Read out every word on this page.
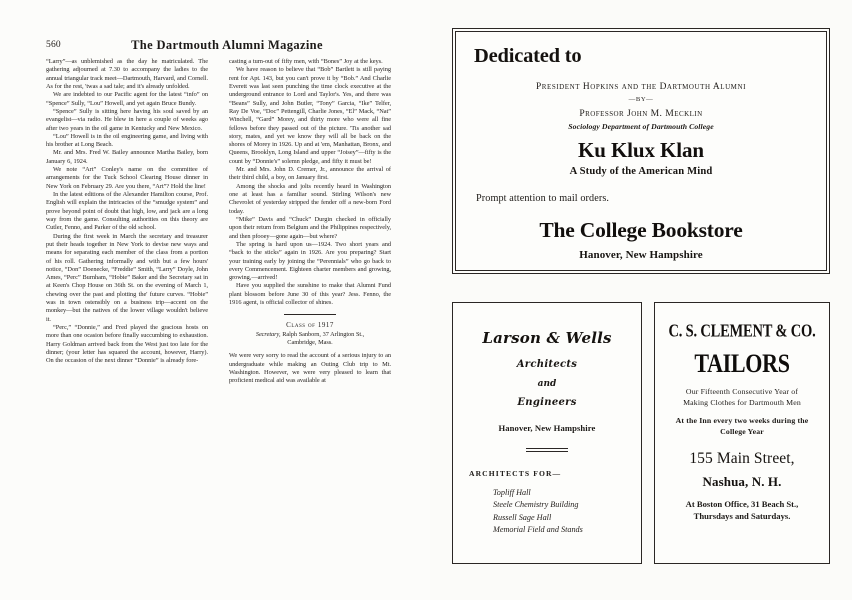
560	The Dartmouth Alumni Magazine

“Larry”—as unblemished as the day he matriculated. The gathering adjourned at 7.30 to accompany the ladies to the annual triangular track meet—Dartmouth, Harvard, and Cornell. As for the rest, 'twas a sad tale; and it's already unfolded.

We are indebted to our Pacific agent for the latest “info” on “Spence” Sully, “Lou” Howell, and yet again Bruce Bundy.

“Spence” Sully is sitting here having his soul saved by an evangelist—via radio. He blew in here a couple of weeks ago after two years in the oil game in Kentucky and New Mexico.

“Lou” Howell is in the oil engineering game, and living with his brother at Long Beach.

Mr. and Mrs. Fred W. Bailey announce Martha Bailey, born January 6, 1924.

We note “Art” Conley's name on the committee of arrangements for the Tuck School Clearing House dinner in New York on February 29. Are you there, “Art”? Hold the line!

In the latest editions of the Alexander Hamilton course, Prof. English will explain the intricacies of the “smudge system” and prove beyond point of doubt that high, low, and jack are a long way from the game. Consulting authorities on this theory are Cutler, Fenno, and Parker of the old school.

During the first week in March the secretary and treasurer put their heads together in New York to devise new ways and means for separating each member of the class from a portion of his roll. Gathering informally and with but a few hours' notice, “Don” Doenecke, “Freddie” Smith, “Larry” Doyle, John Ames, “Perc” Burnham, “Hobie” Baker and the Secretary sat in at Keen's Chop House on 36th St. on the evening of March 1, chewing over the past and plotting the' future curves. “Hobie” was in town ostensibly on a business trip—accent on the monkey—but the natives of the lower village wouldn't believe it.

“Perc,” “Donnie,” and Fred played the gracious hosts on more than one ocasion before finally succumbing to exhaustion. Harry Goldman arrived back from the West just too late for the dinner; (your letter has squared the account, however, Harry). On the occasion of the next dinner “Donnie” is already fore-

casting a turn-out of fifty men, with “Bones” Joy at the keys.

We have reason to believe that “Bob” Bartlett is still paying rent for Apt. 143, but you can't prove it by “Bob.” And Charlie Everett was last seen punching the time clock executive at the underground entrance to Lord and Taylor's. Yes, and there was “Beans” Sully, and John Butler, “Tony” Garcia, “Ike” Telfer, Ray De Voe, “Doc” Pettengill, Charlie Jones, “El” Mack, “Nat” Winchell, “Gard” Morey, and thirty more who were all fine fellows before they passed out of the picture. 'Tis another sad story, mates, and yet we know they will all be back on the shores of Morey in 1926. Up and at 'em, Manhattan, Bronx, and Queens, Brooklyn, Long Island and upper “Joisey”—fifty is the count by “Donnie's” solemn pledge, and fifty it must be!

Mr. and Mrs. John D. Cremer, Jr., announce the arrival of their third child, a boy, on January first.

Among the shocks and jolts recently heard in Washington one at least has a familiar sound. Stirling Wilson's new Chevrolet of yesterday stripped the fender off a new-born Ford today.

“Mike” Davis and “Chuck” Durgin checked in officially upon their return from Belgium and the Philippines respectively, and then pfooey—gone again—but where?

The spring is hard upon us—1924. Two short years and “back to the sticks” again in 1926. Are you preparing? Start your training early by joining the “Perennials” who go back to every Commencement. Eighteen charter members and growing, growing,—arrived!

Have you supplied the sunshine to make that Alumni Fund plant blossom before June 30 of this year? Jess. Fenno, the 1916 agent, is official collector of shines.

Class of 1917
Secretary, Ralph Sanborn, 37 Arlington St.,
Cambridge, Mass.

We were very sorry to read the account of a serious injury to an undergraduate while making an Outing Club trip to Mt. Washington. However, we were very pleased to learn that proficient medical aid was available at

Dedicated to
President Hopkins and the Dartmouth Alumni
—BY—
Professor John M. Mecklin
Sociology Department of Dartmouth College
Ku Klux Klan
A Study of the American Mind
Prompt attention to mail orders.
The College Bookstore
Hanover, New Hampshire
Larson & Wells
Architects
and
Engineers
Hanover, New Hampshire
ARCHITECTS FOR—
Topliff Hall
Steele Chemistry Building
Russell Sage Hall
Memorial Field and Stands
C. S. CLEMENT & CO.
TAILORS
Our Fifteenth Consecutive Year of
Making Clothes for Dartmouth Men
At the Inn every two weeks during the
College Year
155 Main Street,
Nashua, N. H.
At Boston Office, 31 Beach St.,
Thursdays and Saturdays.
